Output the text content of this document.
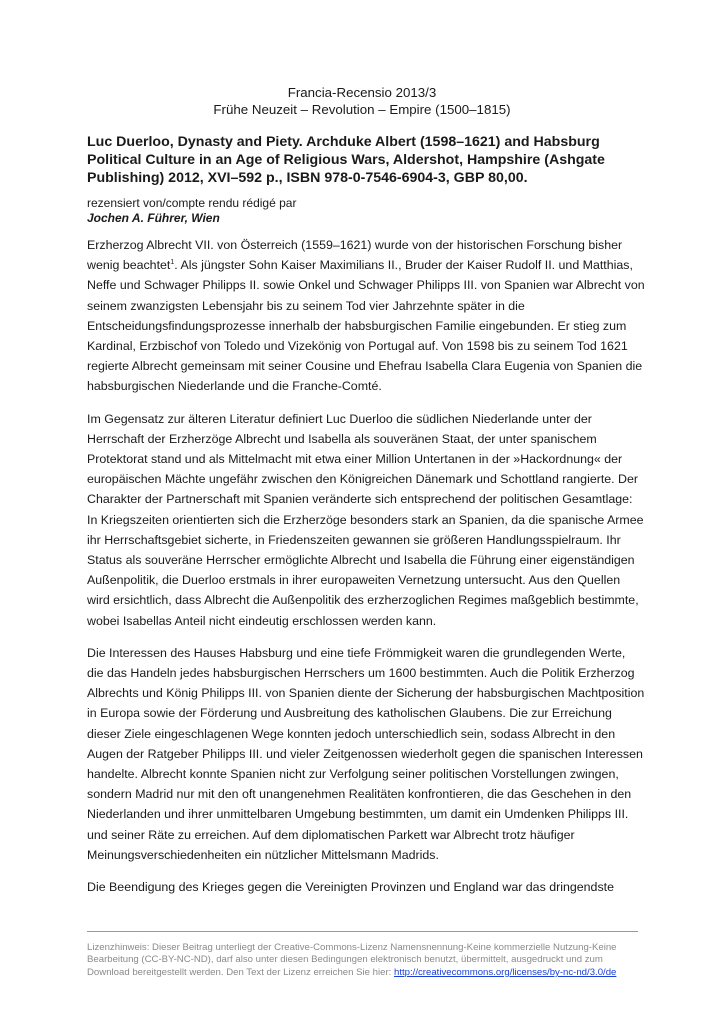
Francia-Recensio 2013/3
Frühe Neuzeit – Revolution – Empire (1500–1815)
Luc Duerloo, Dynasty and Piety. Archduke Albert (1598–1621) and Habsburg Political Culture in an Age of Religious Wars, Aldershot, Hampshire (Ashgate Publishing) 2012, XVI–592 p., ISBN 978-0-7546-6904-3, GBP 80,00.
rezensiert von/compte rendu rédigé par
Jochen A. Führer, Wien

Erzherzog Albrecht VII. von Österreich (1559–1621) wurde von der historischen Forschung bisher wenig beachtet$^1$. Als jüngster Sohn Kaiser Maximilians II., Bruder der Kaiser Rudolf II. und Matthias, Neffe und Schwager Philipps II. sowie Onkel und Schwager Philipps III. von Spanien war Albrecht von seinem zwanzigsten Lebensjahr bis zu seinem Tod vier Jahrzehnte später in die Entscheidungsfindungsprozesse innerhalb der habsburgischen Familie eingebunden. Er stieg zum Kardinal, Erzbischof von Toledo und Vizekönig von Portugal auf. Von 1598 bis zu seinem Tod 1621 regierte Albrecht gemeinsam mit seiner Cousine und Ehefrau Isabella Clara Eugenia von Spanien die habsburgischen Niederlande und die Franche-Comté.

Im Gegensatz zur älteren Literatur definiert Luc Duerloo die südlichen Niederlande unter der Herrschaft der Erzherzöge Albrecht und Isabella als souveränen Staat, der unter spanischem Protektorat stand und als Mittelmacht mit etwa einer Million Untertanen in der »Hackordnung« der europäischen Mächte ungefähr zwischen den Königreichen Dänemark und Schottland rangierte. Der Charakter der Partnerschaft mit Spanien veränderte sich entsprechend der politischen Gesamtlage: In Kriegszeiten orientierten sich die Erzherzöge besonders stark an Spanien, da die spanische Armee ihr Herrschaftsgebiet sicherte, in Friedenszeiten gewannen sie größeren Handlungsspielraum. Ihr Status als souveräne Herrscher ermöglichte Albrecht und Isabella die Führung einer eigenständigen Außenpolitik, die Duerloo erstmals in ihrer europaweiten Vernetzung untersucht. Aus den Quellen wird ersichtlich, dass Albrecht die Außenpolitik des erzherzoglichen Regimes maßgeblich bestimmte, wobei Isabellas Anteil nicht eindeutig erschlossen werden kann.

Die Interessen des Hauses Habsburg und eine tiefe Frömmigkeit waren die grundlegenden Werte, die das Handeln jedes habsburgischen Herrschers um 1600 bestimmten. Auch die Politik Erzherzog Albrechts und König Philipps III. von Spanien diente der Sicherung der habsburgischen Machtposition in Europa sowie der Förderung und Ausbreitung des katholischen Glaubens. Die zur Erreichung dieser Ziele eingeschlagenen Wege konnten jedoch unterschiedlich sein, sodass Albrecht in den Augen der Ratgeber Philipps III. und vieler Zeitgenossen wiederholt gegen die spanischen Interessen handelte. Albrecht konnte Spanien nicht zur Verfolgung seiner politischen Vorstellungen zwingen, sondern Madrid nur mit den oft unangenehmen Realitäten konfrontieren, die das Geschehen in den Niederlanden und ihrer unmittelbaren Umgebung bestimmten, um damit ein Umdenken Philipps III. und seiner Räte zu erreichen. Auf dem diplomatischen Parkett war Albrecht trotz häufiger Meinungsverschiedenheiten ein nützlicher Mittelsmann Madrids.

Die Beendigung des Krieges gegen die Vereinigten Provinzen und England war das dringendste

Lizenzhinweis: Dieser Beitrag unterliegt der Creative-Commons-Lizenz Namensnennung-Keine kommerzielle Nutzung-Keine Bearbeitung (CC-BY-NC-ND), darf also unter diesen Bedingungen elektronisch benutzt, übermittelt, ausgedruckt und zum Download bereitgestellt werden. Den Text der Lizenz erreichen Sie hier: http://creativecommons.org/licenses/by-nc-nd/3.0/de
